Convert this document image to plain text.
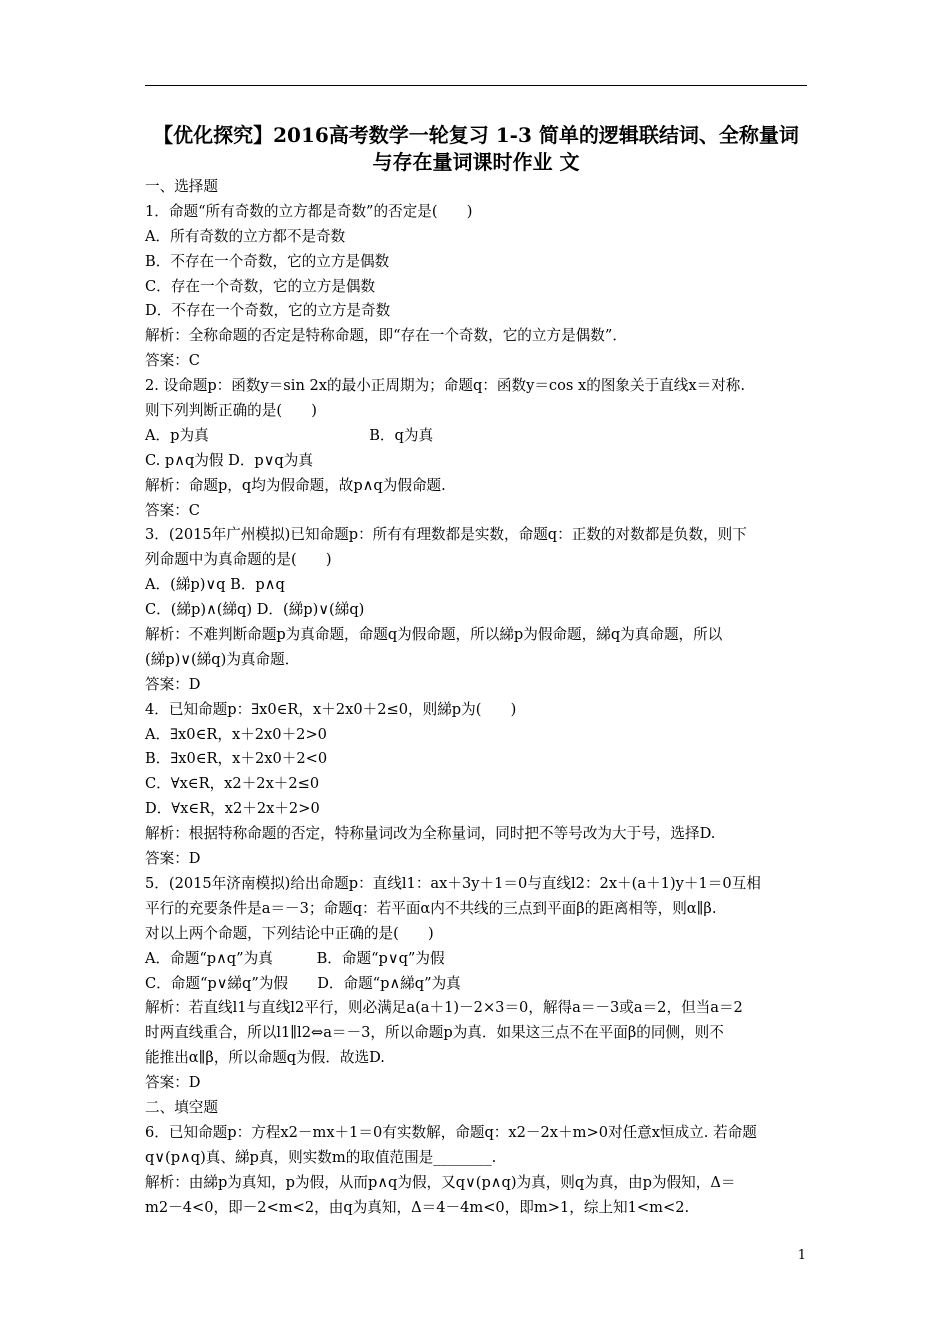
【优化探究】2016高考数学一轮复习 1-3 简单的逻辑联结词、全称量词与存在量词课时作业 文
一、选择题
1．命题“所有奇数的立方都是奇数”的否定是(　　)
A．所有奇数的立方都不是奇数
B．不存在一个奇数，它的立方是偶数
C．存在一个奇数，它的立方是偶数
D．不存在一个奇数，它的立方是奇数
解析：全称命题的否定是特称命题，即“存在一个奇数，它的立方是偶数”．
答案：C
2. 设命题p：函数y＝sin 2x的最小正周期为；命题q：函数y＝cos x的图象关于直线x＝对称.
则下列判断正确的是(　　)
A．p为真　　　　　　　　　　　B．q为真
C. p∧q为假 D．p∨q为真
解析：命题p，q均为假命题，故p∧q为假命题.
答案：C
3．(2015年广州模拟)已知命题p：所有有理数都是实数，命题q：正数的对数都是负数，则下
列命题中为真命题的是(　　)
A．(綈p)∨q B．p∧q
C．(綈p)∧(綈q) D．(綈p)∨(綈q)
解析：不难判断命题p为真命题，命题q为假命题，所以綈p为假命题，綈q为真命题，所以
(綈p)∨(綈q)为真命题．
答案：D
4．已知命题p：∃x0∈R，x＋2x0＋2≤0，则綈p为(　　)
A．∃x0∈R，x＋2x0＋2>0
B．∃x0∈R，x＋2x0＋2<0
C．∀x∈R，x2＋2x＋2≤0
D．∀x∈R，x2＋2x＋2>0
解析：根据特称命题的否定，特称量词改为全称量词，同时把不等号改为大于号，选择D.
答案：D
5．(2015年济南模拟)给出命题p：直线l1：ax＋3y＋1＝0与直线l2：2x＋(a＋1)y＋1＝0互相
平行的充要条件是a＝－3；命题q：若平面α内不共线的三点到平面β的距离相等，则α∥β.
对以上两个命题，下列结论中正确的是(　　)
A．命题“p∧q”为真　　　B．命题“p∨q”为假
C．命题“p∨綈q”为假　　D．命题“p∧綈q”为真
解析：若直线l1与直线l2平行，则必满足a(a＋1)－2×3＝0，解得a＝－3或a＝2，但当a＝2
时两直线重合，所以l1∥l2⇔a＝－3，所以命题p为真．如果这三点不在平面β的同侧，则不
能推出α∥β，所以命题q为假．故选D.
答案：D
二、填空题
6．已知命题p：方程x2－mx＋1＝0有实数解，命题q：x2－2x＋m>0对任意x恒成立. 若命题
q∨(p∧q)真、綈p真，则实数m的取值范围是________.
解析：由綈p为真知，p为假，从而p∧q为假，又q∨(p∧q)为真，则q为真，由p为假知，Δ＝
m2－4<0，即－2<m<2，由q为真知，Δ＝4－4m<0，即m>1，综上知1<m<2.
1
